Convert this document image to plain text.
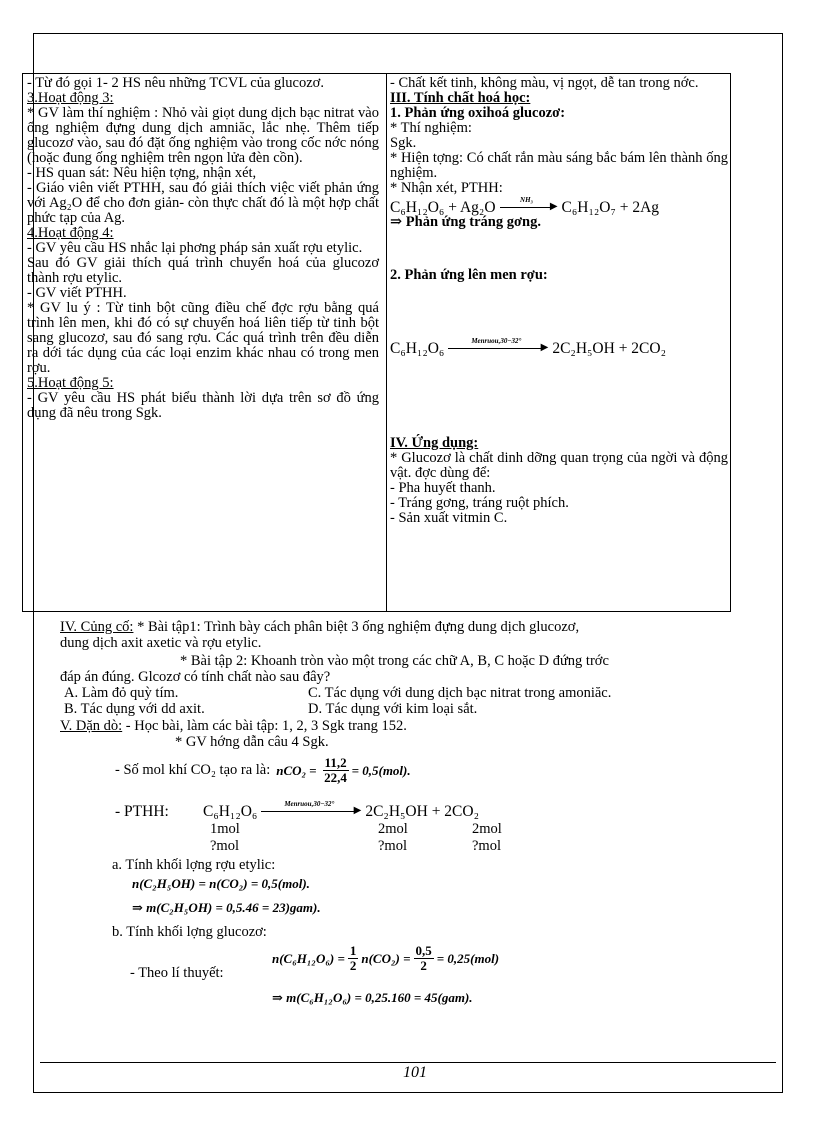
- Từ đó gọi 1- 2 HS nêu những TCVL của glucozơ.

3.Hoạt động 3:

* GV làm thí nghiệm : Nhỏ vài giọt dung dịch bạc nitrat vào ống nghiệm đựng dung dịch amniăc, lắc nhẹ. Thêm tiếp glucozơ vào, sau đó đặt ống nghiệm vào trong cốc nớc nóng (hoặc đung ống nghiệm trên ngọn lửa đèn cồn).

- HS quan sát: Nêu hiện tợng, nhận xét,

- Giáo viên viết PTHH, sau đó giải thích việc viết phản ứng với Ag₂O để cho đơn giản- còn thực chất đó là một hợp chất phức tạp của Ag.

4.Hoạt động 4:

- GV yêu cầu HS nhắc lại phơng pháp sản xuất rợu etylic.

Sau đó GV giải thích quá trình chuyển hoá của glucozơ thành rợu etylic.

- GV viết PTHH.

* GV lu ý : Từ tinh bột cũng điều chế đợc rợu bằng quá trình lên men, khi đó có sự chuyển hoá liên tiếp từ tinh bột sang glucozơ, sau đó sang rợu. Các quá trình trên đều diễn ra dới tác dụng của các loại enzim khác nhau có trong men rợu.

5.Hoạt động 5:

- GV yêu cầu HS phát biểu thành lời dựa trên sơ đồ ứng dụng đã nêu trong Sgk.

- Chất kết tinh, không màu, vị ngọt, dễ tan trong nớc.

III. Tính chất hoá học:

1. Phản ứng oxihoá glucozơ:

* Thí nghiệm:

Sgk.

* Hiện tợng: Có chất rắn màu sáng bắc bám lên thành ống nghiệm.

* Nhận xét, PTHH:

C₆H₁₂O₆ + Ag₂O	NH₃
▶ C₆H₁₂O₇ + 2Ag

⇒ Phản ứng tráng gơng.

2. Phản ứng lên men rợu:

C₆H₁₂O₆	Menruou,30−32°
▶ 2C₂H₅OH + 2CO₂

IV. Ứng dụng:

* Glucozơ là chất dinh dỡng quan trọng của ngời và động vật. đợc dùng để:

- Pha huyết thanh.

- Tráng gơng, tráng ruột phích.

- Sản xuất vitmin C.

IV. Củng cố: * Bài tập1: Trình bày cách phân biệt 3 ống nghiệm đựng dung dịch glucozơ,
dung dịch axit axetic và rợu etylic.
* Bài tập 2: Khoanh tròn vào một trong các chữ A, B, C hoặc D đứng trớc
đáp án đúng. Glcozơ có tính chất nào sau đây?
A. Làm đỏ quỳ tím.	C. Tác dụng với dung dịch bạc nitrat trong amoniăc.
B. Tác dụng với dd axit.	D. Tác dụng với kim loại sắt.
V. Dặn dò: - Học bài, làm các bài tập: 1, 2, 3 Sgk trang 152.
* GV hớng dẫn câu 4 Sgk.
- Số mol khí CO₂ tạo ra là: n $CO_2 = \frac{11,2}{22,4} = 0,5(mol)$.
- PTHH:	C₆H₁₂O₆	Menruou,30−32°
▶ 2C₂H₅OH + 2CO₂
1mol	2mol	2mol
?mol	?mol	?mol
a. Tính khối lợng rợu etylic:
n(C₂H₅OH) = n(CO₂) = 0,5(mol).
⇒ m(C₂H₅OH) = 0,5.46 = 23)gam).
b. Tính khối lợng glucozơ:
- Theo lí thuyết:
$n(C_6H_{12}O_6) = \frac{1}{2} n(CO_2) = \frac{0,5}{2} = 0,25(mol)$
⇒ m(C₆H₁₂O₆) = 0,25.160 = 45(gam).
101
